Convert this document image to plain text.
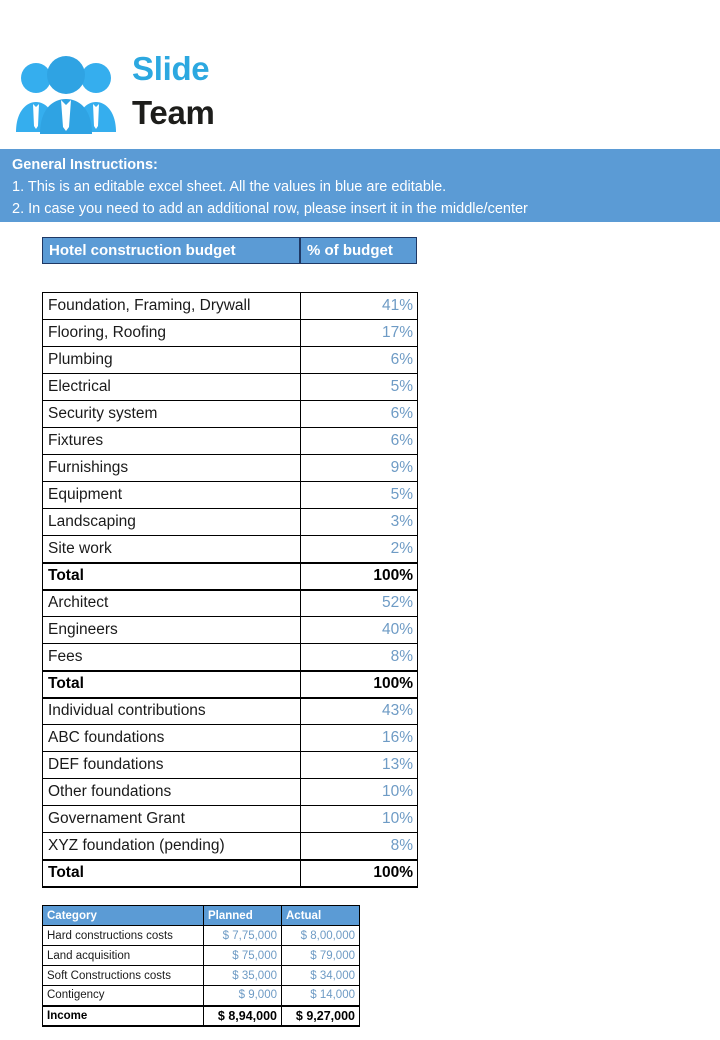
Slide
Team
General Instructions:
1. This is an editable excel sheet. All the values in blue are editable.
2. In case you need to add an additional row, please insert it in the middle/center
Hotel construction budget	% of budget
Foundation, Framing, Drywall	41%
Flooring, Roofing	17%
Plumbing	6%
Electrical	5%
Security system	6%
Fixtures	6%
Furnishings	9%
Equipment	5%
Landscaping	3%
Site work	2%
Total	100%
Architect	52%
Engineers	40%
Fees	8%
Total	100%
Individual contributions	43%
ABC foundations	16%
DEF foundations	13%
Other foundations	10%
Governament Grant	10%
XYZ foundation (pending)	8%
Total	100%
Category	Planned	Actual
Hard constructions costs	$ 7,75,000	$ 8,00,000
Land acquisition	$ 75,000	$ 79,000
Soft Constructions costs	$ 35,000	$ 34,000
Contigency	$ 9,000	$ 14,000
Income	$ 8,94,000	$ 9,27,000
